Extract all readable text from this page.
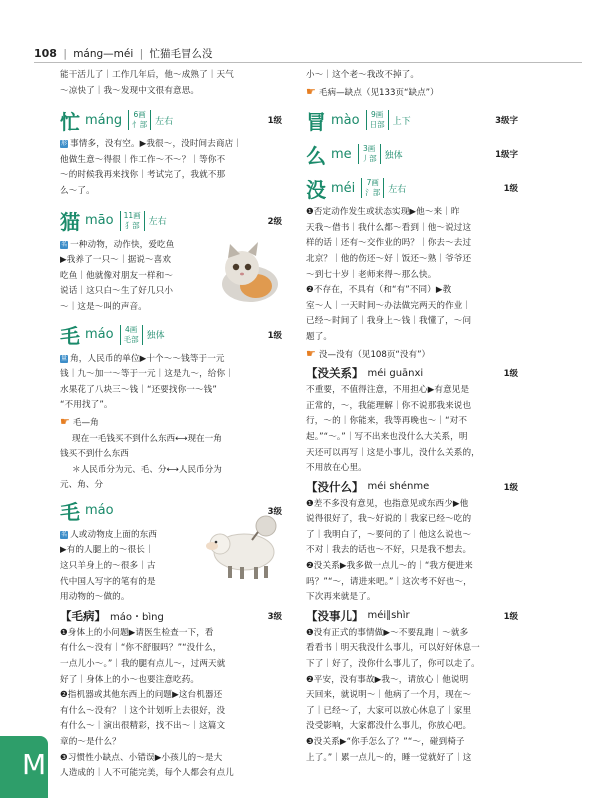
108 | máng—méi | 忙猫毛冒么没
能干活儿了｜工作几年后，他～成熟了｜天气
～凉快了｜我～发现中文很有意思。
忙 máng 6画
忄部 左右	1级
形 事情多，没有空。▶我很～，没时间去商店｜
他做生意～得很｜作工作～不～？｜等你不
～的时候我再来找你｜考试完了，我就不那
么～了。
猫 māo 11画
犭部 左右	2级
名 一种动物，动作快，爱吃鱼
▶我养了一只～｜据说～喜欢
吃鱼｜他就像对朋友一样和～
说话｜这只白～生了好几只小
～｜这是～叫的声音。
毛 máo 4画
毛部 独体	1级
量 角，人民币的单位▶十个～～钱等于一元
钱｜九～加一～等于一元｜这是九～，给你｜
水果花了八块三～钱｜“还要找你一～钱”
“不用找了”。
☛ 毛—角
现在一毛钱买不到什么东西⟷现在一角
钱买不到什么东西
＊人民币分为元、毛、分⟷人民币分为
元、角、分
毛 máo	3级
名 人或动物皮上面的东西
▶有的人腿上的～很长｜
这只羊身上的～很多｜古
代中国人写字的笔有的是
用动物的～做的。
【毛病】 máo・bìng	3级
❶身体上的小问题▶请医生检查一下，看
有什么～没有｜“你不舒服吗？”“没什么，
一点儿小～。”｜我的腿有点儿～，过两天就
好了｜身体上的小～也要注意吃药。
❷指机器或其他东西上的问题▶这台机器还
有什么～没有？｜这个计划听上去很好，没
有什么～｜演出很精彩，找不出～｜这篇文
章的～是什么？
❸习惯性小缺点、小错误▶小孩儿的～是大
人造成的｜人不可能完美，每个人都会有点儿
小～｜这个老～我改不掉了。
☛ 毛病—缺点（见133页“缺点”）
冒 mào 9画
日部 上下	3级字
么 me 3画
丿部 独体	1级字
没 méi 7画
氵部 左右	1级
❶否定动作发生或状态实现▶他～来｜昨
天我～借书｜我什么都～看到｜他～说过这
样的话｜还有～交作业的吗？｜你去～去过
北京？｜他的伤还～好｜饭还～熟｜爷爷还
～到七十岁｜老师来得～那么快。
❷不存在，不具有（和“有”不同）▶教
室～人｜一天时间～办法做完两天的作业｜
已经～时间了｜我身上～钱｜我懂了，～问
题了。
☛ 没—没有（见108页“没有”）
【没关系】 méi guānxi	1级
不重要，不值得注意，不用担心▶有意见是
正常的，～，我能理解｜你不说那我来说也
行，～的｜你能来，我等再晚也～｜“对不
起。”“～。”｜写不出来也没什么大关系，明
天还可以再写｜这是小事儿，没什么关系的，
不用放在心里。
【没什么】 méi shénme	1级
❶差不多没有意见，也指意见或东西少▶他
说得很好了，我～好说的｜我家已经～吃的
了｜我明白了，～要问的了｜他这么说也～
不对｜我去的话也～不好，只是我不想去。
❷没关系▶我多做一点儿～的｜“我方便进来
吗？”“～，请进来吧。”｜这次考不好也～，
下次再来就是了。
【没事儿】 méi∥shìr	1级
❶没有正式的事情做▶～不要乱跑｜～就多
看看书｜明天我没什么事儿，可以好好休息一
下了｜好了，没你什么事儿了，你可以走了。
❷平安，没有事故▶我～，请放心｜他说明
天回来，就说明～｜他病了一个月，现在～
了｜已经～了，大家可以放心休息了｜家里
没受影响，大家都没什么事儿，你放心吧。
❸没关系▶“你手怎么了？”“～，碰到椅子
上了。”｜累一点儿～的，睡一觉就好了｜这
M
